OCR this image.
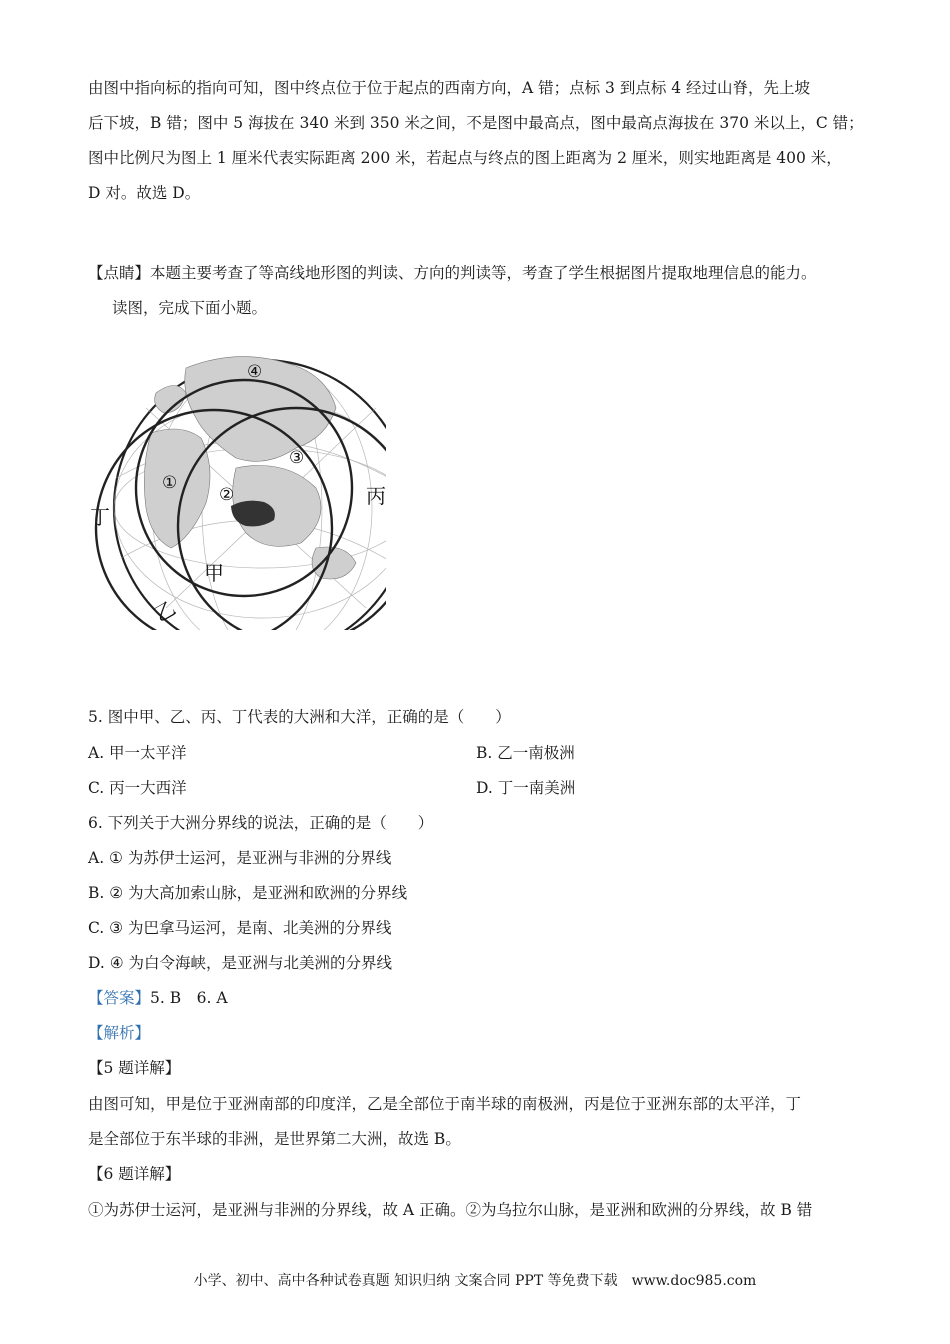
由图中指向标的指向可知，图中终点位于位于起点的西南方向，A 错；点标 3 到点标 4 经过山脊，先上坡
后下坡，B 错；图中 5 海拔在 340 米到 350 米之间，不是图中最高点，图中最高点海拔在 370 米以上，C 错；
图中比例尺为图上 1 厘米代表实际距离 200 米，若起点与终点的图上距离为 2 厘米，则实地距离是 400 米，
D 对。故选 D。
【点睛】本题主要考查了等高线地形图的判读、方向的判读等，考查了学生根据图片提取地理信息的能力。
读图，完成下面小题。
④
③
①
②	丙
丁
甲
乙
5. 图中甲、乙、丙、丁代表的大洲和大洋，正确的是（　　）
A. 甲一太平洋	B. 乙一南极洲
C. 丙一大西洋	D. 丁一南美洲
6. 下列关于大洲分界线的说法，正确的是（　　）
A. ① 为苏伊士运河，是亚洲与非洲的分界线
B. ② 为大高加索山脉，是亚洲和欧洲的分界线
C. ③ 为巴拿马运河，是南、北美洲的分界线
D. ④ 为白令海峡，是亚洲与北美洲的分界线
【答案】5. B　6. A
【解析】
【5 题详解】
由图可知，甲是位于亚洲南部的印度洋，乙是全部位于南半球的南极洲，丙是位于亚洲东部的太平洋，丁
是全部位于东半球的非洲，是世界第二大洲，故选 B。
【6 题详解】
①为苏伊士运河，是亚洲与非洲的分界线，故 A 正确。②为乌拉尔山脉，是亚洲和欧洲的分界线，故 B 错
小学、初中、高中各种试卷真题 知识归纳 文案合同 PPT 等免费下载　www.doc985.com
